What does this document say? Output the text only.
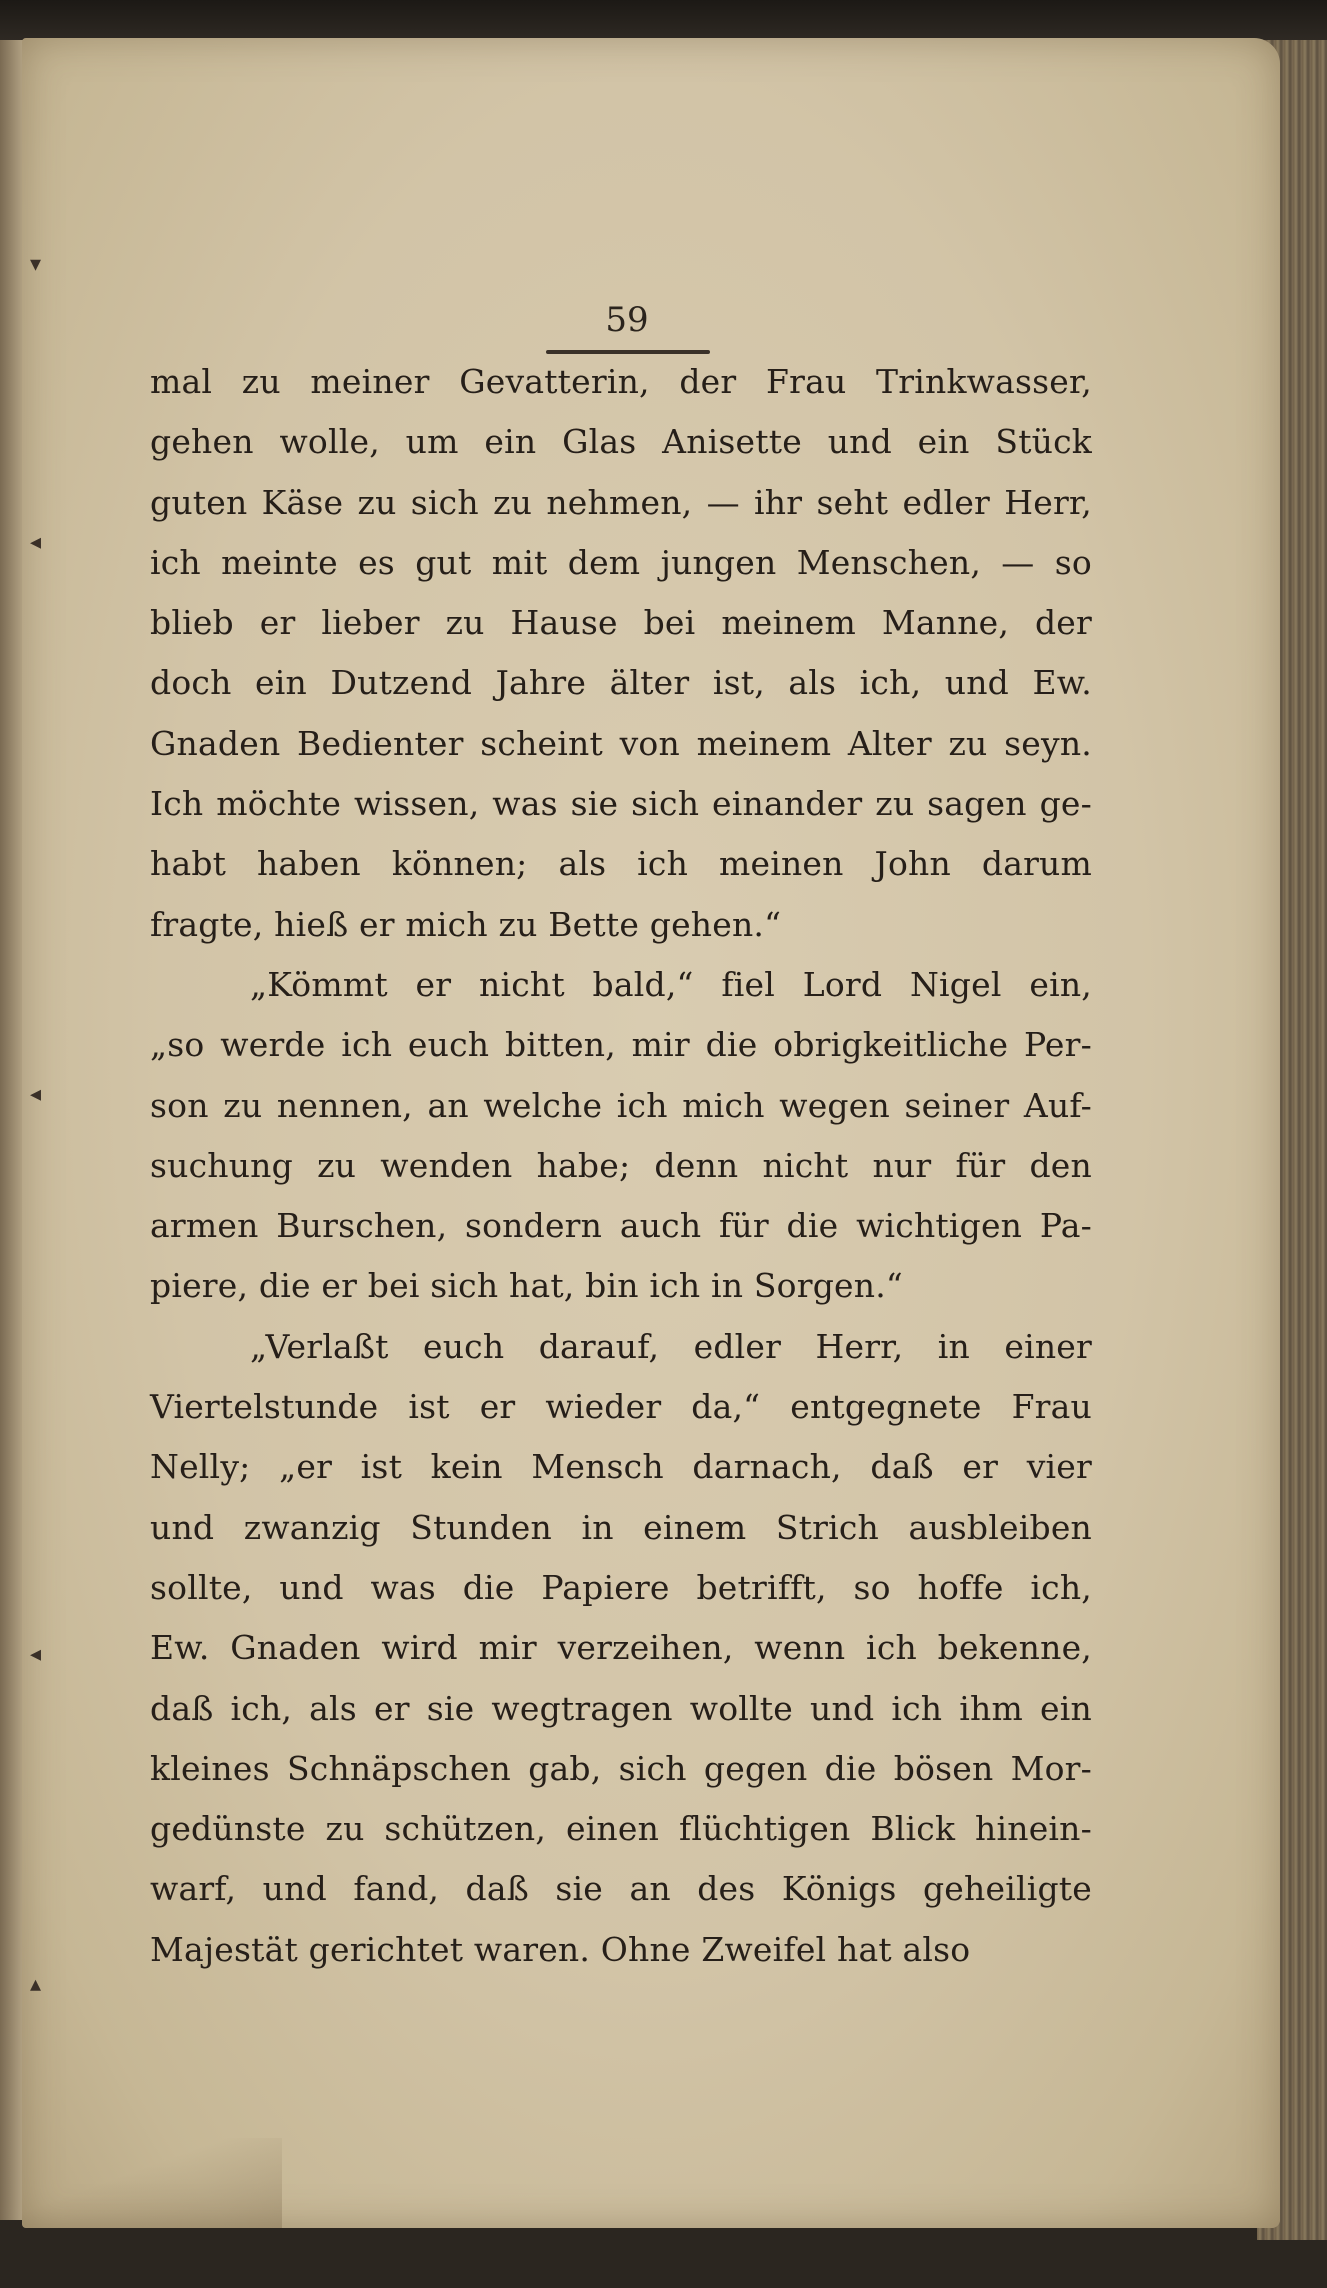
▾
◂
◂
◂
▴
59
mal zu meiner Gevatterin, der Frau Trinkwasser,
gehen wolle, um ein Glas Anisette und ein Stück
guten Käse zu sich zu nehmen, — ihr seht edler Herr,
ich meinte es gut mit dem jungen Menschen, — so
blieb er lieber zu Hause bei meinem Manne, der
doch ein Dutzend Jahre älter ist, als ich, und Ew.
Gnaden Bedienter scheint von meinem Alter zu seyn.
Ich möchte wissen, was sie sich einander zu sagen ge-
habt haben können; als ich meinen John darum
fragte, hieß er mich zu Bette gehen.“
„Kömmt er nicht bald,“ fiel Lord Nigel ein,
„so werde ich euch bitten, mir die obrigkeitliche Per-
son zu nennen, an welche ich mich wegen seiner Auf-
suchung zu wenden habe; denn nicht nur für den
armen Burschen, sondern auch für die wichtigen Pa-
piere, die er bei sich hat, bin ich in Sorgen.“
„Verlaßt euch darauf, edler Herr, in einer
Viertelstunde ist er wieder da,“ entgegnete Frau
Nelly; „er ist kein Mensch darnach, daß er vier
und zwanzig Stunden in einem Strich ausbleiben
sollte, und was die Papiere betrifft, so hoffe ich,
Ew. Gnaden wird mir verzeihen, wenn ich bekenne,
daß ich, als er sie wegtragen wollte und ich ihm ein
kleines Schnäpschen gab, sich gegen die bösen Mor-
gedünste zu schützen, einen flüchtigen Blick hinein-
warf, und fand, daß sie an des Königs geheiligte
Majestät gerichtet waren. Ohne Zweifel hat also
